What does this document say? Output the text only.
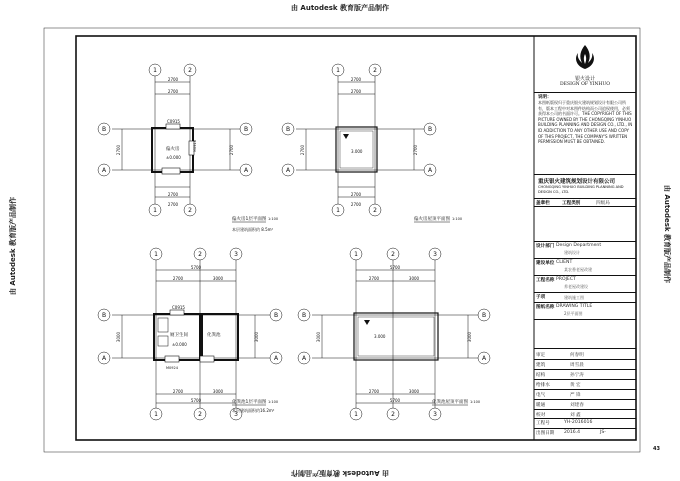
由 Autodesk 教育版产品制作
由 Autodesk 教育版产品制作
由 Autodesk 教育版产品制作	由 Autodesk 教育版产品制作
1	2
1	2
B
A
B
A
2700
2700
2700
2700
2700	2700
C0915
M0918
偏火房
±0.000
偏火房1层平面图 1:100
本层建筑面积约 8.5m²
1	2
1	2
B
A
B
A
2700
2700
2700
2700
2700	2700
3.000
偏火房屋顶平面图 1:100
1	2	3
1	2	3
B
A
B
A
5700
2700	3000
2700	3000
5700
3000	3000
C0915
M0924
厕卫生间	化粪池
±0.000
化粪池1层平面图 1:100
本层建筑面积约16.2m²
1	2	3
1	2	3
B
A
B
A
5700
2700	3000
2700	3000
5700
3000	3000
3.000
化粪池屋顶平面图 1:100
银火设计
DESIGN OF YINHUO
说明：
本图纸版权归于重庆银火建筑规划设计有限公司所有，版本工程中对本图件结构而公司追权使用，必须获得本公司的书面许可。THE COPYRIGHT OF THIS PICTURE OWNED BY THE CHONGQING YINHUO BUILDING PLANNING AND DESIGN CO., LTD., IN ID ADDICTION TO ANY OTHER USE AND COPY OF THIS PROJECT, THE COMPANY'S WRITTEN PERMISSION MUST BE OBTAINED.
重庆银火建筑规划设计有限公司
CHONGQING YINHUO BUILDING PLANNING AND DESIGN CO., LTD.
盖章栏	工程类别	四级局
设计部门 Design Department
建筑设计
建设单位 CLIENT
某农香老屋改建
工程名称 PROJECT
养老屋改建设
子项	建筑施工图
图纸名称 DRAWING TITLE
2层平面图
审定	何春明
建筑	周雪晨
结构	孙宁涛
给排水	黄 宏
电气	严 锋
暖通	刘建春
校对	刘 鑫
工程号	YH-2016016
出图日期 2016.4	JS-
43
